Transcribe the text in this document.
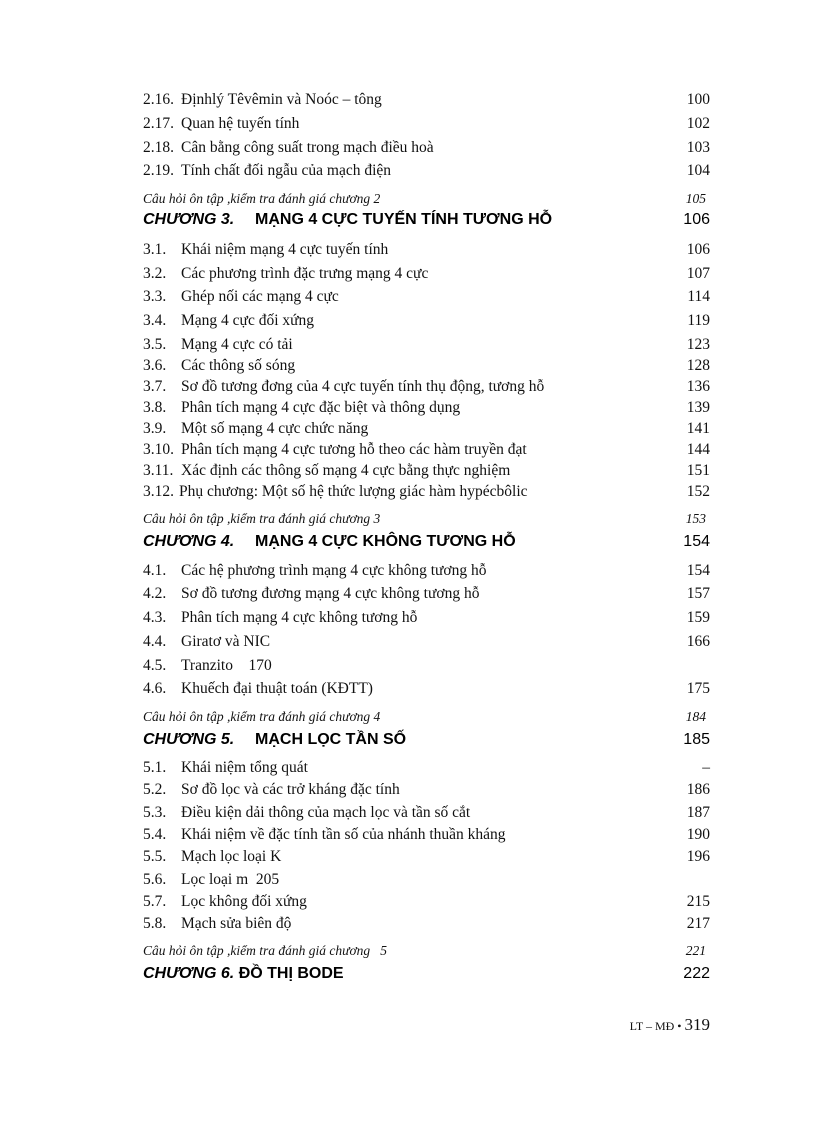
2.16. Địnhlý Têvêmin và Noóc – tông	100
2.17. Quan hệ tuyến tính	102
2.18. Cân bằng công suất trong mạch điều hoà	103
2.19. Tính chất đối ngẫu của mạch điện	104
Câu hỏi ôn tập ,kiểm tra đánh giá chương 2	105
CHƯƠNG 3. MẠNG 4 CỰC TUYẾN TÍNH TƯƠNG HỖ	106
3.1. Khái niệm mạng 4 cực tuyến tính	106
3.2. Các phương trình đặc trưng mạng 4 cực	107
3.3. Ghép nối các mạng 4 cực	114
3.4. Mạng 4 cực đối xứng	119
3.5. Mạng 4 cực có tải	123
3.6. Các thông số sóng	128
3.7. Sơ đồ tương đơng của 4 cực tuyến tính thụ động, tương hỗ	136
3.8. Phân tích mạng 4 cực đặc biệt và thông dụng	139
3.9. Một số mạng 4 cực chức năng	141
3.10. Phân tích mạng 4 cực tương hỗ theo các hàm truyền đạt	144
3.11. Xác định các thông số mạng 4 cực bằng thực nghiệm	151
3.12. Phụ chương: Một số hệ thức lượng giác hàm hypécbôlic	152
Câu hỏi ôn tập ,kiểm tra đánh giá chương 3	153
CHƯƠNG 4. MẠNG 4 CỰC KHÔNG TƯƠNG HỖ	154
4.1. Các hệ phương trình mạng 4 cực không tương hỗ	154
4.2. Sơ đồ tương đương mạng 4 cực không tương hỗ	157
4.3. Phân tích mạng 4 cực không tương hỗ	159
4.4. Giratơ và NIC	166
4.5. Tranzito    170
4.6. Khuếch đại thuật toán (KĐTT)	175
Câu hỏi ôn tập ,kiểm tra đánh giá chương 4	184
CHƯƠNG 5. MẠCH LỌC TẦN SỐ	185
5.1. Khái niệm tổng quát	–
5.2. Sơ đồ lọc và các trở kháng đặc tính	186
5.3. Điều kiện dải thông của mạch lọc và tần số cắt	187
5.4. Khái niệm về đặc tính tần số của nhánh thuần kháng	190
5.5. Mạch lọc loại K	196
5.6. Lọc loại m  205
5.7. Lọc không đối xứng	215
5.8. Mạch sửa biên độ	217
Câu hỏi ôn tập ,kiểm tra đánh giá chương   5	221
CHƯƠNG 6. ĐỒ THỊ BODE	222
LT – MĐ • 319
